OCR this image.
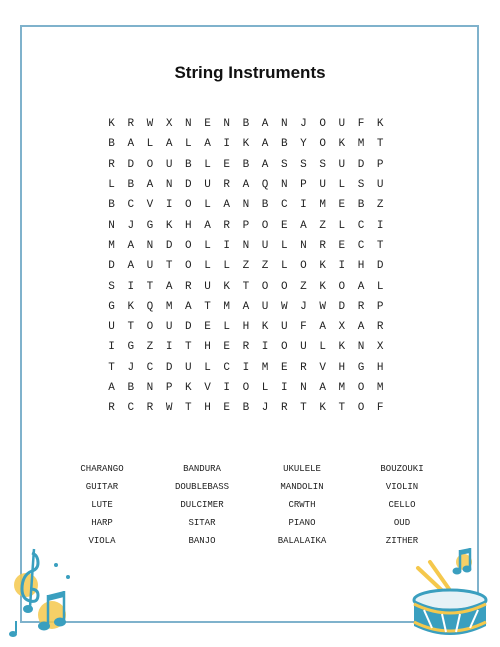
String Instruments
K	R	W	X	N	E	N	B	A	N	J	O	U	F	K
B	A	L	A	L	A	I	K	A	B	Y	O	K	M	T
R	D	O	U	B	L	E	B	A	S	S	S	U	D	P
L	B	A	N	D	U	R	A	Q	N	P	U	L	S	U
B	C	V	I	O	L	A	N	B	C	I	M	E	B	Z
N	J	G	K	H	A	R	P	O	E	A	Z	L	C	I
M	A	N	D	O	L	I	N	U	L	N	R	E	C	T
D	A	U	T	O	L	L	Z	Z	L	O	K	I	H	D
S	I	T	A	R	U	K	T	O	O	Z	K	O	A	L
G	K	Q	M	A	T	M	A	U	W	J	W	D	R	P
U	T	O	U	D	E	L	H	K	U	F	A	X	A	R
I	G	Z	I	T	H	E	R	I	O	U	L	K	N	X
T	J	C	D	U	L	C	I	M	E	R	V	H	G	H
A	B	N	P	K	V	I	O	L	I	N	A	M	O	M
R	C	R	W	T	H	E	B	J	R	T	K	T	O	F
CHARANGO	BANDURA	UKULELE	BOUZOUKI
GUITAR	DOUBLEBASS	MANDOLIN	VIOLIN
LUTE	DULCIMER	CRWTH	CELLO
HARP	SITAR	PIANO	OUD
VIOLA	BANJO	BALALAIKA	ZITHER
